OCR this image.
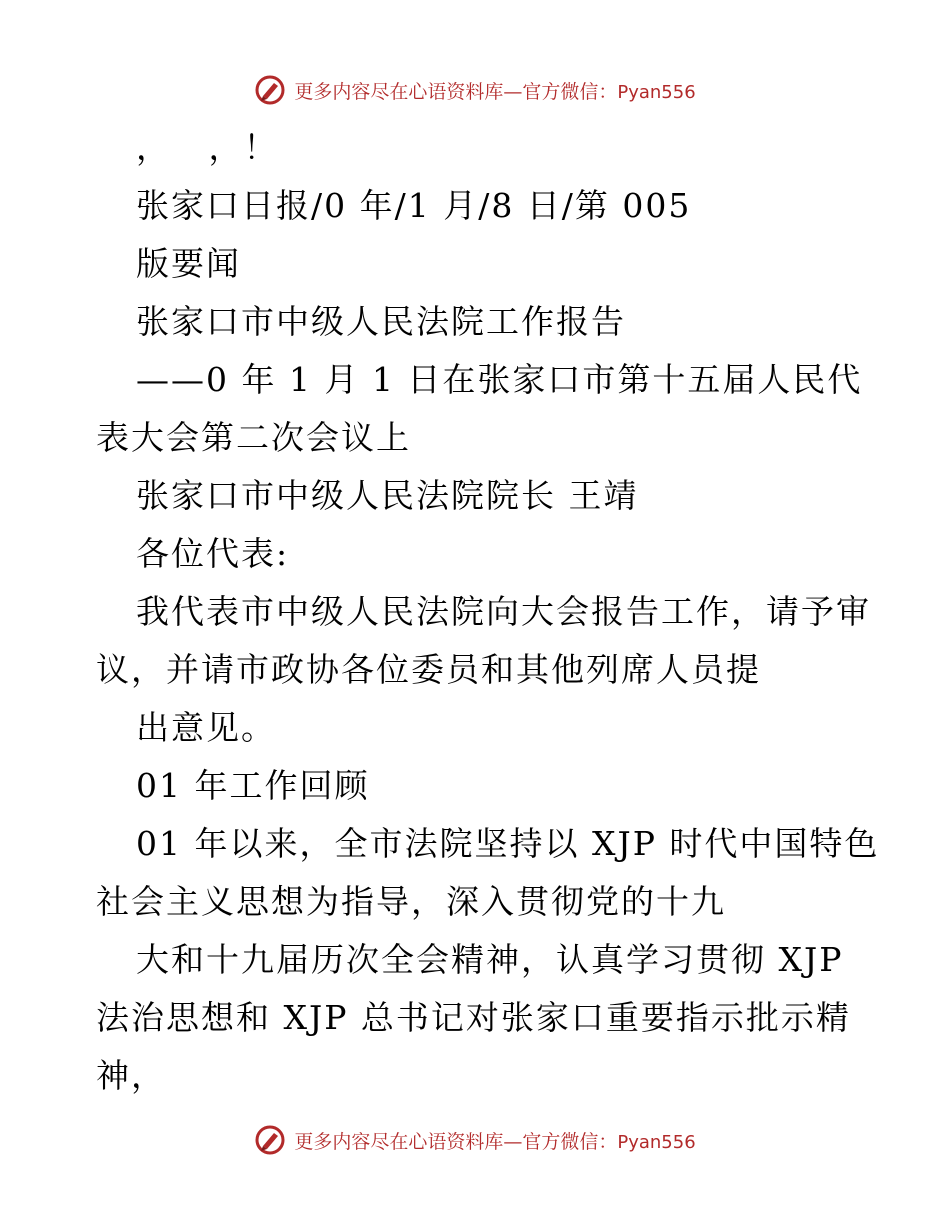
更多内容尽在心语资料库—官方微信：Pyan556
，   ，！
张家口日报/0 年/1 月/8 日/第 005
版要闻
张家口市中级人民法院工作报告
——0 年 1 月 1 日在张家口市第十五届人民代
表大会第二次会议上
张家口市中级人民法院院长 王靖
各位代表:
我代表市中级人民法院向大会报告工作，请予审
议，并请市政协各位委员和其他列席人员提
出意见。
01 年工作回顾
01 年以来，全市法院坚持以 XJP 时代中国特色
社会主义思想为指导，深入贯彻党的十九
大和十九届历次全会精神，认真学习贯彻 XJP
法治思想和 XJP 总书记对张家口重要指示批示精
神，
更多内容尽在心语资料库—官方微信：Pyan556
